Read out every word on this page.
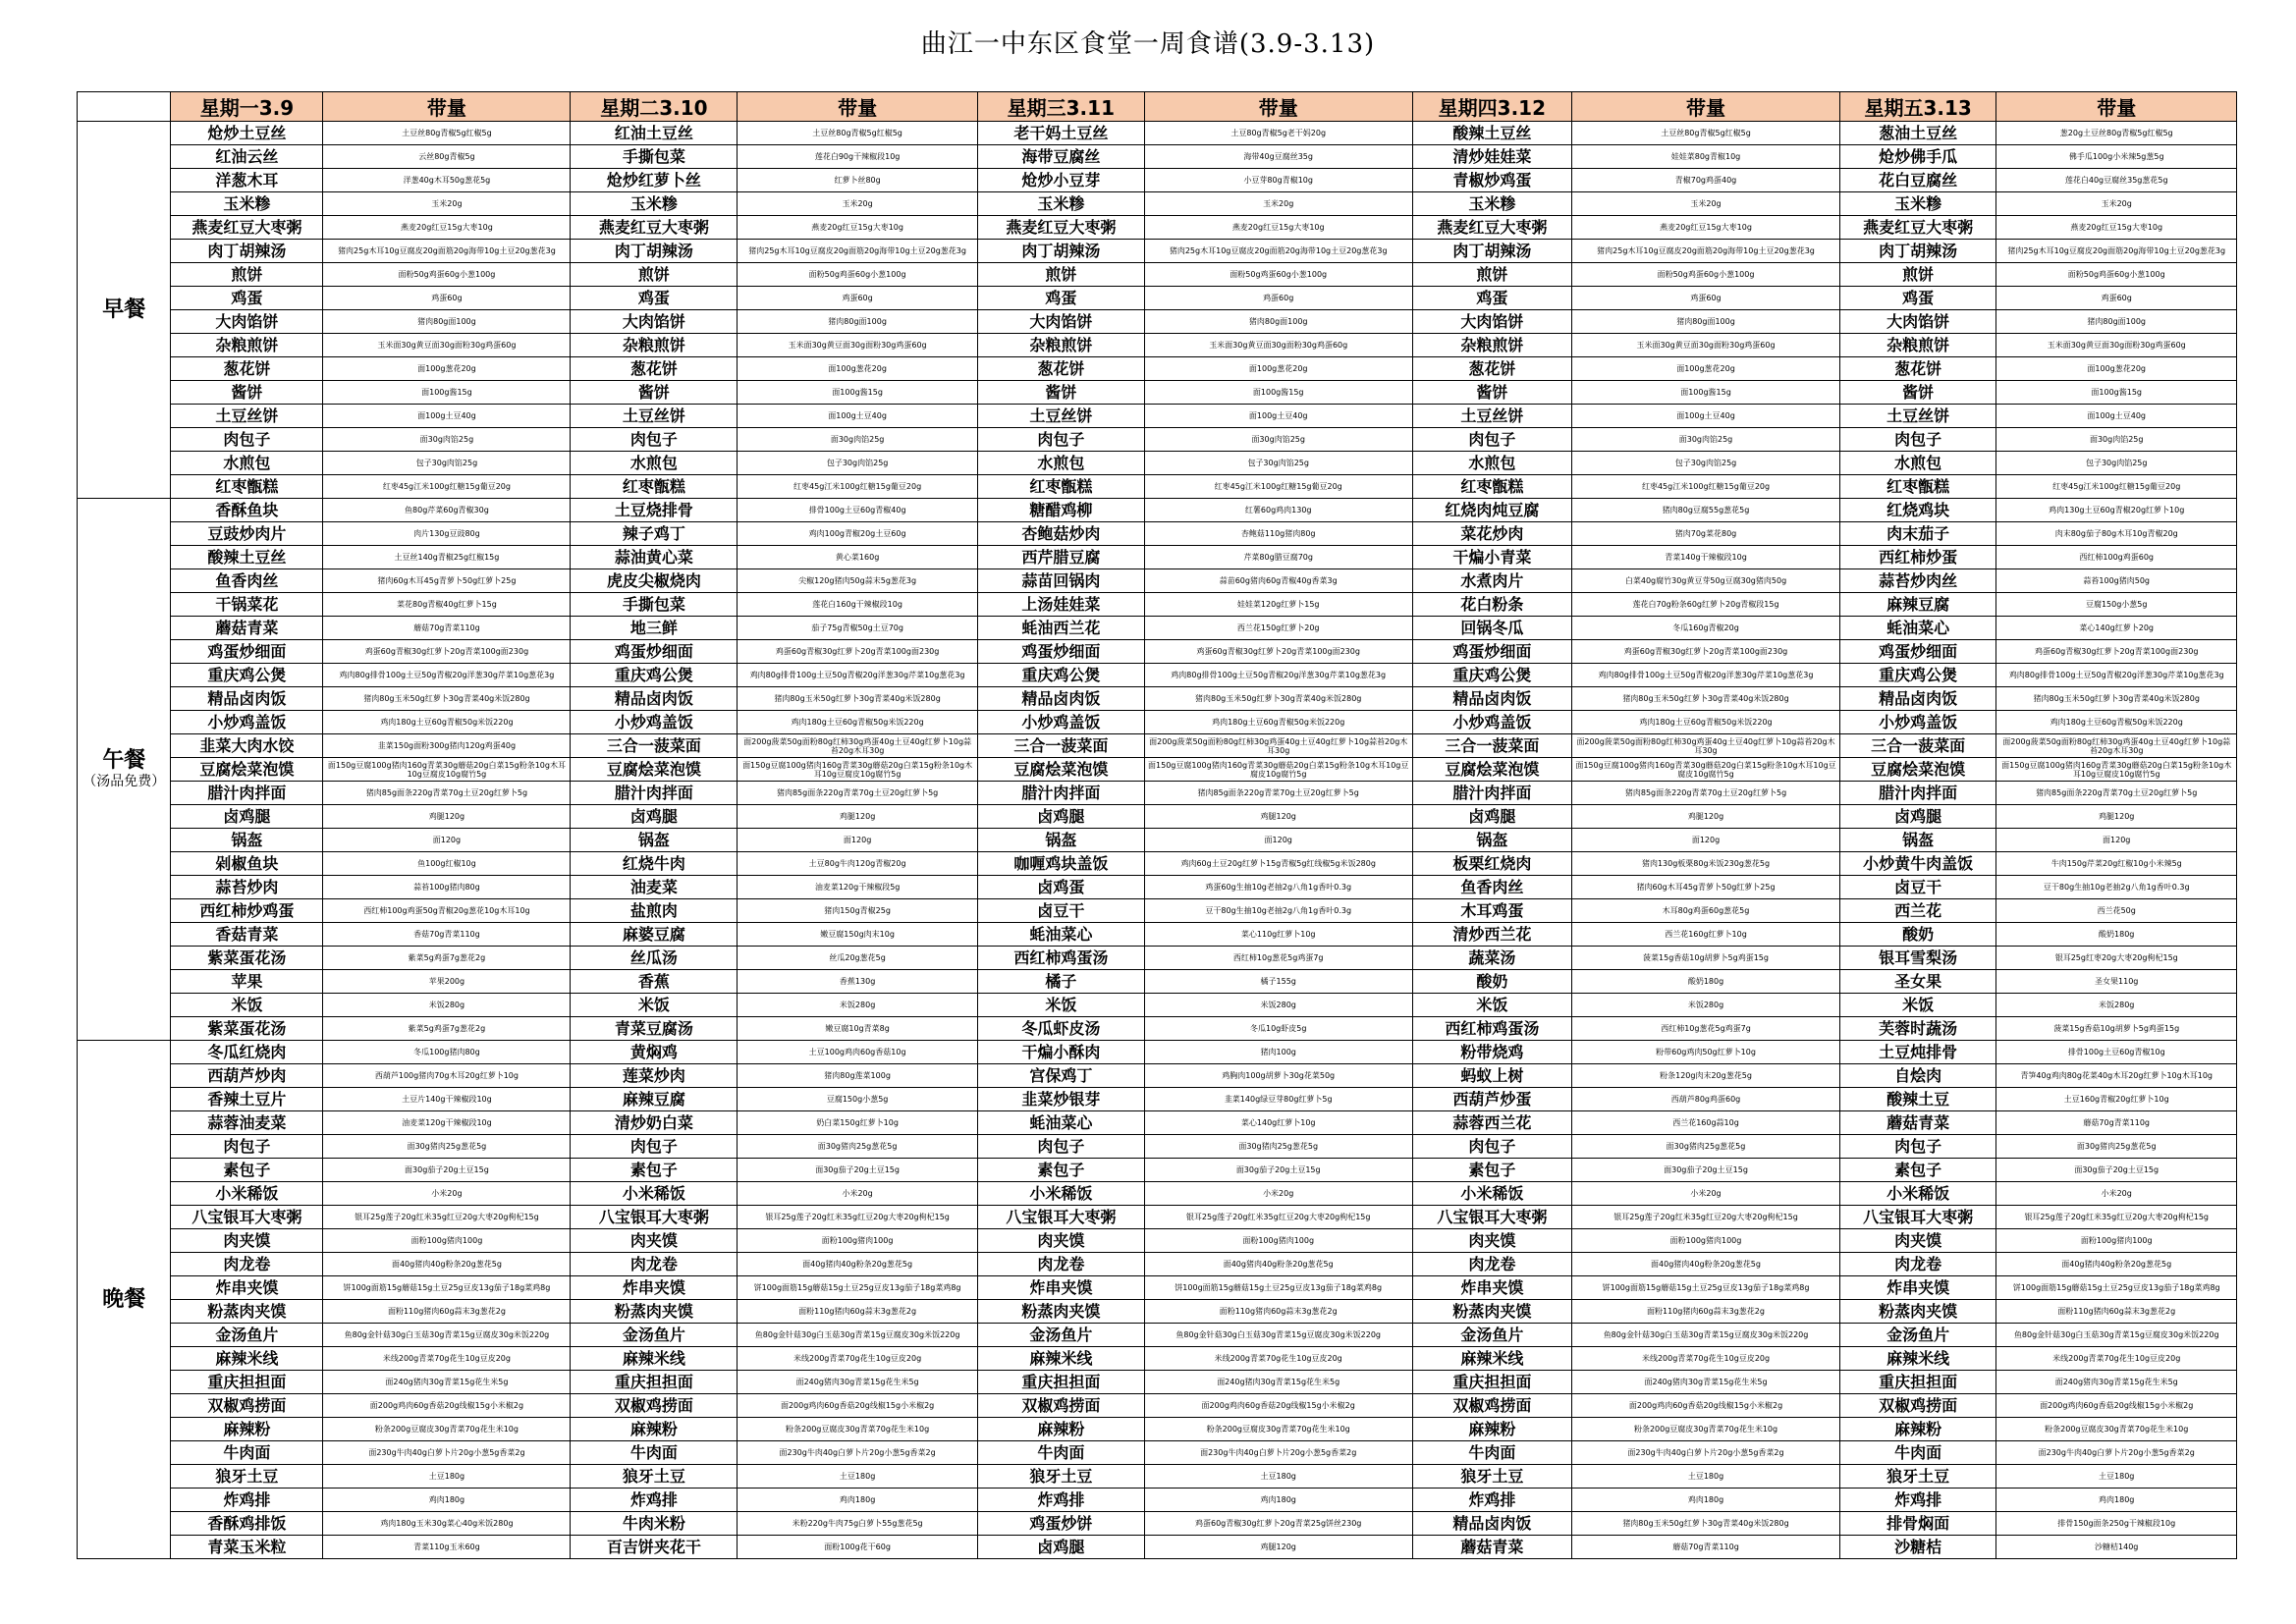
曲江一中东区食堂一周食谱(3.9-3.13)
	星期一3.9	带量	星期二3.10	带量	星期三3.11	带量	星期四3.12	带量	星期五3.13	带量
早餐	炝炒土豆丝	土豆丝80g青椒5g红椒5g	红油土豆丝	土豆丝80g青椒5g红椒5g	老干妈土豆丝	土豆80g青椒5g老干妈20g	酸辣土豆丝	土豆丝80g青椒5g红椒5g	葱油土豆丝	葱20g土豆丝80g青椒5g红椒5g
	红油云丝	云丝80g青椒5g	手撕包菜	莲花白90g干辣椒段10g	海带豆腐丝	海带40g豆腐丝35g	清炒娃娃菜	娃娃菜80g青椒10g	炝炒佛手瓜	佛手瓜100g小米辣5g葱5g
	洋葱木耳	洋葱40g木耳50g葱花5g	炝炒红萝卜丝	红萝卜丝80g	炝炒小豆芽	小豆芽80g青椒10g	青椒炒鸡蛋	青椒70g鸡蛋40g	花白豆腐丝	莲花白40g豆腐丝35g葱花5g
	玉米糁	玉米20g	玉米糁	玉米20g	玉米糁	玉米20g	玉米糁	玉米20g	玉米糁	玉米20g
	燕麦红豆大枣粥	燕麦20g红豆15g大枣10g	燕麦红豆大枣粥	燕麦20g红豆15g大枣10g	燕麦红豆大枣粥	燕麦20g红豆15g大枣10g	燕麦红豆大枣粥	燕麦20g红豆15g大枣10g	燕麦红豆大枣粥	燕麦20g红豆15g大枣10g
	肉丁胡辣汤	猪肉25g木耳10g豆腐皮20g面筋20g海带10g土豆20g葱花3g	肉丁胡辣汤	猪肉25g木耳10g豆腐皮20g面筋20g海带10g土豆20g葱花3g	肉丁胡辣汤	猪肉25g木耳10g豆腐皮20g面筋20g海带10g土豆20g葱花3g	肉丁胡辣汤	猪肉25g木耳10g豆腐皮20g面筋20g海带10g土豆20g葱花3g	肉丁胡辣汤	猪肉25g木耳10g豆腐皮20g面筋20g海带10g土豆20g葱花3g
	煎饼	面粉50g鸡蛋60g小葱100g	煎饼	面粉50g鸡蛋60g小葱100g	煎饼	面粉50g鸡蛋60g小葱100g	煎饼	面粉50g鸡蛋60g小葱100g	煎饼	面粉50g鸡蛋60g小葱100g
	鸡蛋	鸡蛋60g	鸡蛋	鸡蛋60g	鸡蛋	鸡蛋60g	鸡蛋	鸡蛋60g	鸡蛋	鸡蛋60g
	大肉馅饼	猪肉80g面100g	大肉馅饼	猪肉80g面100g	大肉馅饼	猪肉80g面100g	大肉馅饼	猪肉80g面100g	大肉馅饼	猪肉80g面100g
	杂粮煎饼	玉米面30g黄豆面30g面粉30g鸡蛋60g	杂粮煎饼	玉米面30g黄豆面30g面粉30g鸡蛋60g	杂粮煎饼	玉米面30g黄豆面30g面粉30g鸡蛋60g	杂粮煎饼	玉米面30g黄豆面30g面粉30g鸡蛋60g	杂粮煎饼	玉米面30g黄豆面30g面粉30g鸡蛋60g
	葱花饼	面100g葱花20g	葱花饼	面100g葱花20g	葱花饼	面100g葱花20g	葱花饼	面100g葱花20g	葱花饼	面100g葱花20g
	酱饼	面100g酱15g	酱饼	面100g酱15g	酱饼	面100g酱15g	酱饼	面100g酱15g	酱饼	面100g酱15g
	土豆丝饼	面100g土豆40g	土豆丝饼	面100g土豆40g	土豆丝饼	面100g土豆40g	土豆丝饼	面100g土豆40g	土豆丝饼	面100g土豆40g
	肉包子	面30g肉馅25g	肉包子	面30g肉馅25g	肉包子	面30g肉馅25g	肉包子	面30g肉馅25g	肉包子	面30g肉馅25g
	水煎包	包子30g肉馅25g	水煎包	包子30g肉馅25g	水煎包	包子30g肉馅25g	水煎包	包子30g肉馅25g	水煎包	包子30g肉馅25g
	红枣甑糕	红枣45g江米100g红糖15g葡豆20g	红枣甑糕	红枣45g江米100g红糖15g葡豆20g	红枣甑糕	红枣45g江米100g红糖15g葡豆20g	红枣甑糕	红枣45g江米100g红糖15g葡豆20g	红枣甑糕	红枣45g江米100g红糖15g葡豆20g
午餐
（汤品免费）	香酥鱼块	鱼80g芹菜60g青椒30g	土豆烧排骨	排骨100g土豆60g青椒40g	糖醋鸡柳	红薯60g鸡肉130g	红烧肉炖豆腐	猪肉80g豆腐55g葱花5g	红烧鸡块	鸡肉130g土豆60g青椒20g红萝卜10g
	豆豉炒肉片	肉片130g豆豉80g	辣子鸡丁	鸡肉100g青椒20g土豆60g	杏鲍菇炒肉	杏鲍菇110g猪肉80g	菜花炒肉	猪肉70g菜花80g	肉末茄子	肉末80g茄子80g木耳10g青椒20g
	酸辣土豆丝	土豆丝140g青椒25g红椒15g	蒜油黄心菜	黄心菜160g	西芹腊豆腐	芹菜80g腊豆腐70g	干煸小青菜	青菜140g干辣椒段10g	西红柿炒蛋	西红柿100g鸡蛋60g
	鱼香肉丝	猪肉60g木耳45g青萝卜50g红萝卜25g	虎皮尖椒烧肉	尖椒120g猪肉50g蒜末5g葱花3g	蒜苗回锅肉	蒜苗60g猪肉60g青椒40g香菜3g	水煮肉片	白菜40g腐竹30g黄豆芽50g豆腐30g猪肉50g	蒜苔炒肉丝	蒜苔100g猪肉50g
	干锅菜花	菜花80g青椒40g红萝卜15g	手撕包菜	莲花白160g干辣椒段10g	上汤娃娃菜	娃娃菜120g红萝卜15g	花白粉条	莲花白70g粉条60g红萝卜20g青椒段15g	麻辣豆腐	豆腐150g小葱5g
	蘑菇青菜	蘑菇70g青菜110g	地三鲜	茄子75g青椒50g土豆70g	蚝油西兰花	西兰花150g红萝卜20g	回锅冬瓜	冬瓜160g青椒20g	蚝油菜心	菜心140g红萝卜20g
	鸡蛋炒细面	鸡蛋60g青椒30g红萝卜20g青菜100g面230g	鸡蛋炒细面	鸡蛋60g青椒30g红萝卜20g青菜100g面230g	鸡蛋炒细面	鸡蛋60g青椒30g红萝卜20g青菜100g面230g	鸡蛋炒细面	鸡蛋60g青椒30g红萝卜20g青菜100g面230g	鸡蛋炒细面	鸡蛋60g青椒30g红萝卜20g青菜100g面230g
	重庆鸡公煲	鸡肉80g排骨100g土豆50g青椒20g洋葱30g芹菜10g葱花3g	重庆鸡公煲	鸡肉80g排骨100g土豆50g青椒20g洋葱30g芹菜10g葱花3g	重庆鸡公煲	鸡肉80g排骨100g土豆50g青椒20g洋葱30g芹菜10g葱花3g	重庆鸡公煲	鸡肉80g排骨100g土豆50g青椒20g洋葱30g芹菜10g葱花3g	重庆鸡公煲	鸡肉80g排骨100g土豆50g青椒20g洋葱30g芹菜10g葱花3g
	精品卤肉饭	猪肉80g玉米50g红萝卜30g青菜40g米饭280g	精品卤肉饭	猪肉80g玉米50g红萝卜30g青菜40g米饭280g	精品卤肉饭	猪肉80g玉米50g红萝卜30g青菜40g米饭280g	精品卤肉饭	猪肉80g玉米50g红萝卜30g青菜40g米饭280g	精品卤肉饭	猪肉80g玉米50g红萝卜30g青菜40g米饭280g
	小炒鸡盖饭	鸡肉180g土豆60g青椒50g米饭220g	小炒鸡盖饭	鸡肉180g土豆60g青椒50g米饭220g	小炒鸡盖饭	鸡肉180g土豆60g青椒50g米饭220g	小炒鸡盖饭	鸡肉180g土豆60g青椒50g米饭220g	小炒鸡盖饭	鸡肉180g土豆60g青椒50g米饭220g
	韭菜大肉水饺	韭菜150g面粉300g猪肉120g鸡蛋40g	三合一菠菜面	面200g菠菜50g面粉80g红柿30g鸡蛋40g土豆40g红萝卜10g蒜苔20g木耳30g	三合一菠菜面	面200g菠菜50g面粉80g红柿30g鸡蛋40g土豆40g红萝卜10g蒜苔20g木耳30g	三合一菠菜面	面200g菠菜50g面粉80g红柿30g鸡蛋40g土豆40g红萝卜10g蒜苔20g木耳30g	三合一菠菜面	面200g菠菜50g面粉80g红柿30g鸡蛋40g土豆40g红萝卜10g蒜苔20g木耳30g
	豆腐烩菜泡馍	面150g豆腐100g猪肉160g青菜30g蘑菇20g白菜15g粉条10g木耳10g豆腐皮10g腐竹5g	豆腐烩菜泡馍	面150g豆腐100g猪肉160g青菜30g蘑菇20g白菜15g粉条10g木耳10g豆腐皮10g腐竹5g	豆腐烩菜泡馍	面150g豆腐100g猪肉160g青菜30g蘑菇20g白菜15g粉条10g木耳10g豆腐皮10g腐竹5g	豆腐烩菜泡馍	面150g豆腐100g猪肉160g青菜30g蘑菇20g白菜15g粉条10g木耳10g豆腐皮10g腐竹5g	豆腐烩菜泡馍	面150g豆腐100g猪肉160g青菜30g蘑菇20g白菜15g粉条10g木耳10g豆腐皮10g腐竹5g
	腊汁肉拌面	猪肉85g面条220g青菜70g土豆20g红萝卜5g	腊汁肉拌面	猪肉85g面条220g青菜70g土豆20g红萝卜5g	腊汁肉拌面	猪肉85g面条220g青菜70g土豆20g红萝卜5g	腊汁肉拌面	猪肉85g面条220g青菜70g土豆20g红萝卜5g	腊汁肉拌面	猪肉85g面条220g青菜70g土豆20g红萝卜5g
	卤鸡腿	鸡腿120g	卤鸡腿	鸡腿120g	卤鸡腿	鸡腿120g	卤鸡腿	鸡腿120g	卤鸡腿	鸡腿120g
	锅盔	面120g	锅盔	面120g	锅盔	面120g	锅盔	面120g	锅盔	面120g
	剁椒鱼块	鱼100g红椒10g	红烧牛肉	土豆80g牛肉120g青椒20g	咖喱鸡块盖饭	鸡肉60g土豆20g红萝卜15g青椒5g红线椒5g米饭280g	板栗红烧肉	猪肉130g板栗80g米饭230g葱花5g	小炒黄牛肉盖饭	牛肉150g芹菜20g红椒10g小米辣5g
	蒜苔炒肉	蒜苔100g猪肉80g	油麦菜	油麦菜120g干辣椒段5g	卤鸡蛋	鸡蛋60g生抽10g老抽2g八角1g香叶0.3g	鱼香肉丝	猪肉60g木耳45g青萝卜50g红萝卜25g	卤豆干	豆干80g生抽10g老抽2g八角1g香叶0.3g
	西红柿炒鸡蛋	西红柿100g鸡蛋50g青椒20g葱花10g木耳10g	盐煎肉	猪肉150g青椒25g	卤豆干	豆干80g生抽10g老抽2g八角1g香叶0.3g	木耳鸡蛋	木耳80g鸡蛋60g葱花5g	西兰花	西兰花50g
	香菇青菜	香菇70g青菜110g	麻婆豆腐	嫩豆腐150g肉末10g	蚝油菜心	菜心110g红萝卜10g	清炒西兰花	西兰花160g红萝卜10g	酸奶	酸奶180g
	紫菜蛋花汤	紫菜5g鸡蛋7g葱花2g	丝瓜汤	丝瓜20g葱花5g	西红柿鸡蛋汤	西红柿10g葱花5g鸡蛋7g	蔬菜汤	菠菜15g香菇10g胡萝卜5g鸡蛋15g	银耳雪梨汤	银耳25g红枣20g大枣20g枸杞15g
	苹果	苹果200g	香蕉	香蕉130g	橘子	橘子155g	酸奶	酸奶180g	圣女果	圣女果110g
	米饭	米饭280g	米饭	米饭280g	米饭	米饭280g	米饭	米饭280g	米饭	米饭280g
	紫菜蛋花汤	紫菜5g鸡蛋7g葱花2g	青菜豆腐汤	嫩豆腐10g青菜8g	冬瓜虾皮汤	冬瓜10g虾皮5g	西红柿鸡蛋汤	西红柿10g葱花5g鸡蛋7g	芙蓉时蔬汤	菠菜15g香菇10g胡萝卜5g鸡蛋15g
晚餐	冬瓜红烧肉	冬瓜100g猪肉80g	黄焖鸡	土豆100g鸡肉60g香菇10g	干煸小酥肉	猪肉100g	粉带烧鸡	粉带60g鸡肉50g红萝卜10g	土豆炖排骨	排骨100g土豆60g青椒10g
	西葫芦炒肉	西葫芦100g猪肉70g木耳20g红萝卜10g	莲菜炒肉	猪肉80g莲菜100g	宫保鸡丁	鸡胸肉100g胡萝卜30g花菜50g	蚂蚁上树	粉条120g肉末20g葱花5g	自烩肉	青笋40g鸡肉80g花菜40g木耳20g红萝卜10g木耳10g
	香辣土豆片	土豆片140g干辣椒段10g	麻辣豆腐	豆腐150g小葱5g	韭菜炒银芽	韭菜140g绿豆芽80g红萝卜5g	西葫芦炒蛋	西葫芦80g鸡蛋60g	酸辣土豆	土豆160g青椒20g红萝卜10g
	蒜蓉油麦菜	油麦菜120g干辣椒段10g	清炒奶白菜	奶白菜150g红萝卜10g	蚝油菜心	菜心140g红萝卜10g	蒜蓉西兰花	西兰花160g蒜10g	蘑菇青菜	蘑菇70g青菜110g
	肉包子	面30g猪肉25g葱花5g	肉包子	面30g猪肉25g葱花5g	肉包子	面30g猪肉25g葱花5g	肉包子	面30g猪肉25g葱花5g	肉包子	面30g猪肉25g葱花5g
	素包子	面30g茄子20g土豆15g	素包子	面30g茄子20g土豆15g	素包子	面30g茄子20g土豆15g	素包子	面30g茄子20g土豆15g	素包子	面30g茄子20g土豆15g
	小米稀饭	小米20g	小米稀饭	小米20g	小米稀饭	小米20g	小米稀饭	小米20g	小米稀饭	小米20g
	八宝银耳大枣粥	银耳25g莲子20g红米35g红豆20g大枣20g枸杞15g	八宝银耳大枣粥	银耳25g莲子20g红米35g红豆20g大枣20g枸杞15g	八宝银耳大枣粥	银耳25g莲子20g红米35g红豆20g大枣20g枸杞15g	八宝银耳大枣粥	银耳25g莲子20g红米35g红豆20g大枣20g枸杞15g	八宝银耳大枣粥	银耳25g莲子20g红米35g红豆20g大枣20g枸杞15g
	肉夹馍	面粉100g猪肉100g	肉夹馍	面粉100g猪肉100g	肉夹馍	面粉100g猪肉100g	肉夹馍	面粉100g猪肉100g	肉夹馍	面粉100g猪肉100g
	肉龙卷	面40g猪肉40g粉条20g葱花5g	肉龙卷	面40g猪肉40g粉条20g葱花5g	肉龙卷	面40g猪肉40g粉条20g葱花5g	肉龙卷	面40g猪肉40g粉条20g葱花5g	肉龙卷	面40g猪肉40g粉条20g葱花5g
	炸串夹馍	饼100g面筋15g蘑菇15g土豆25g豆皮13g茄子18g菜鸡8g	炸串夹馍	饼100g面筋15g蘑菇15g土豆25g豆皮13g茄子18g菜鸡8g	炸串夹馍	饼100g面筋15g蘑菇15g土豆25g豆皮13g茄子18g菜鸡8g	炸串夹馍	饼100g面筋15g蘑菇15g土豆25g豆皮13g茄子18g菜鸡8g	炸串夹馍	饼100g面筋15g蘑菇15g土豆25g豆皮13g茄子18g菜鸡8g
	粉蒸肉夹馍	面粉110g猪肉60g蒜末3g葱花2g	粉蒸肉夹馍	面粉110g猪肉60g蒜末3g葱花2g	粉蒸肉夹馍	面粉110g猪肉60g蒜末3g葱花2g	粉蒸肉夹馍	面粉110g猪肉60g蒜末3g葱花2g	粉蒸肉夹馍	面粉110g猪肉60g蒜末3g葱花2g
	金汤鱼片	鱼80g金针菇30g白玉菇30g青菜15g豆腐皮30g米饭220g	金汤鱼片	鱼80g金针菇30g白玉菇30g青菜15g豆腐皮30g米饭220g	金汤鱼片	鱼80g金针菇30g白玉菇30g青菜15g豆腐皮30g米饭220g	金汤鱼片	鱼80g金针菇30g白玉菇30g青菜15g豆腐皮30g米饭220g	金汤鱼片	鱼80g金针菇30g白玉菇30g青菜15g豆腐皮30g米饭220g
	麻辣米线	米线200g青菜70g花生10g豆皮20g	麻辣米线	米线200g青菜70g花生10g豆皮20g	麻辣米线	米线200g青菜70g花生10g豆皮20g	麻辣米线	米线200g青菜70g花生10g豆皮20g	麻辣米线	米线200g青菜70g花生10g豆皮20g
	重庆担担面	面240g猪肉30g青菜15g花生米5g	重庆担担面	面240g猪肉30g青菜15g花生米5g	重庆担担面	面240g猪肉30g青菜15g花生米5g	重庆担担面	面240g猪肉30g青菜15g花生米5g	重庆担担面	面240g猪肉30g青菜15g花生米5g
	双椒鸡捞面	面200g鸡肉60g香菇20g线椒15g小米椒2g	双椒鸡捞面	面200g鸡肉60g香菇20g线椒15g小米椒2g	双椒鸡捞面	面200g鸡肉60g香菇20g线椒15g小米椒2g	双椒鸡捞面	面200g鸡肉60g香菇20g线椒15g小米椒2g	双椒鸡捞面	面200g鸡肉60g香菇20g线椒15g小米椒2g
	麻辣粉	粉条200g豆腐皮30g青菜70g花生米10g	麻辣粉	粉条200g豆腐皮30g青菜70g花生米10g	麻辣粉	粉条200g豆腐皮30g青菜70g花生米10g	麻辣粉	粉条200g豆腐皮30g青菜70g花生米10g	麻辣粉	粉条200g豆腐皮30g青菜70g花生米10g
	牛肉面	面230g牛肉40g白萝卜片20g小葱5g香菜2g	牛肉面	面230g牛肉40g白萝卜片20g小葱5g香菜2g	牛肉面	面230g牛肉40g白萝卜片20g小葱5g香菜2g	牛肉面	面230g牛肉40g白萝卜片20g小葱5g香菜2g	牛肉面	面230g牛肉40g白萝卜片20g小葱5g香菜2g
	狼牙土豆	土豆180g	狼牙土豆	土豆180g	狼牙土豆	土豆180g	狼牙土豆	土豆180g	狼牙土豆	土豆180g
	炸鸡排	鸡肉180g	炸鸡排	鸡肉180g	炸鸡排	鸡肉180g	炸鸡排	鸡肉180g	炸鸡排	鸡肉180g
	香酥鸡排饭	鸡肉180g玉米30g菜心40g米饭280g	牛肉米粉	米粉220g牛肉75g白萝卜55g葱花5g	鸡蛋炒饼	鸡蛋60g青椒30g红萝卜20g青菜25g饼丝230g	精品卤肉饭	猪肉80g玉米50g红萝卜30g青菜40g米饭280g	排骨焖面	排骨150g面条250g干辣椒段10g
	青菜玉米粒	青菜110g玉米60g	百吉饼夹花干	面粉100g花干60g	卤鸡腿	鸡腿120g	蘑菇青菜	蘑菇70g青菜110g	沙糖桔	沙糖桔140g
